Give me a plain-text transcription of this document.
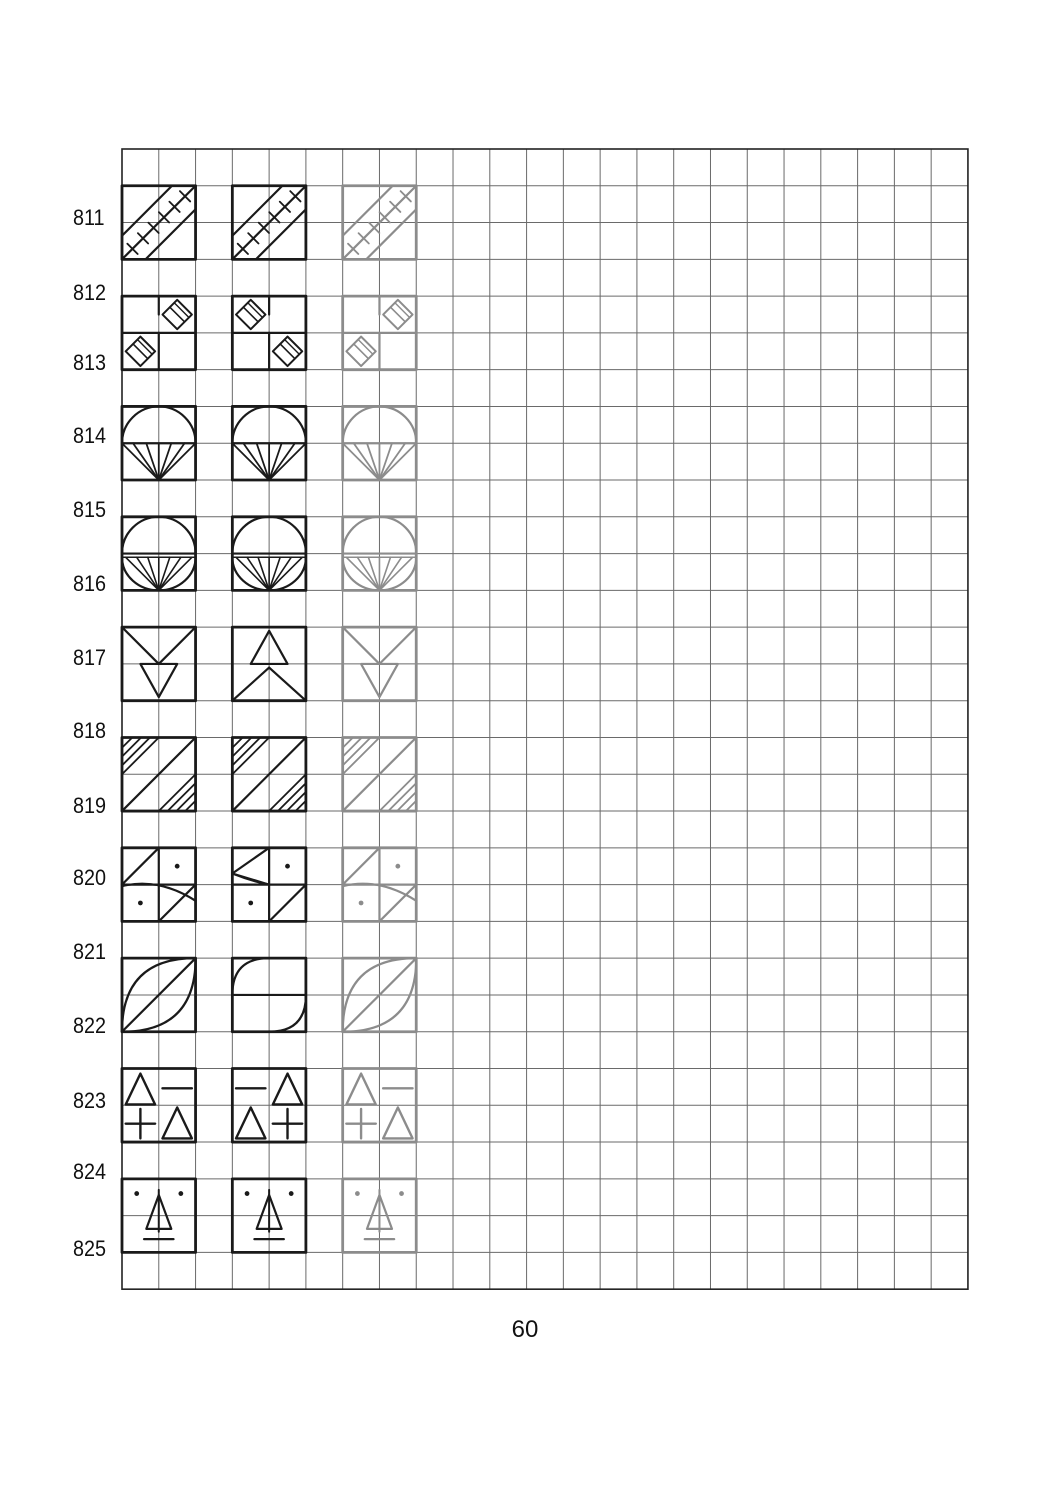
811
812
813
814
815
816
817
818
819
820
821
822
823
824
825
60
